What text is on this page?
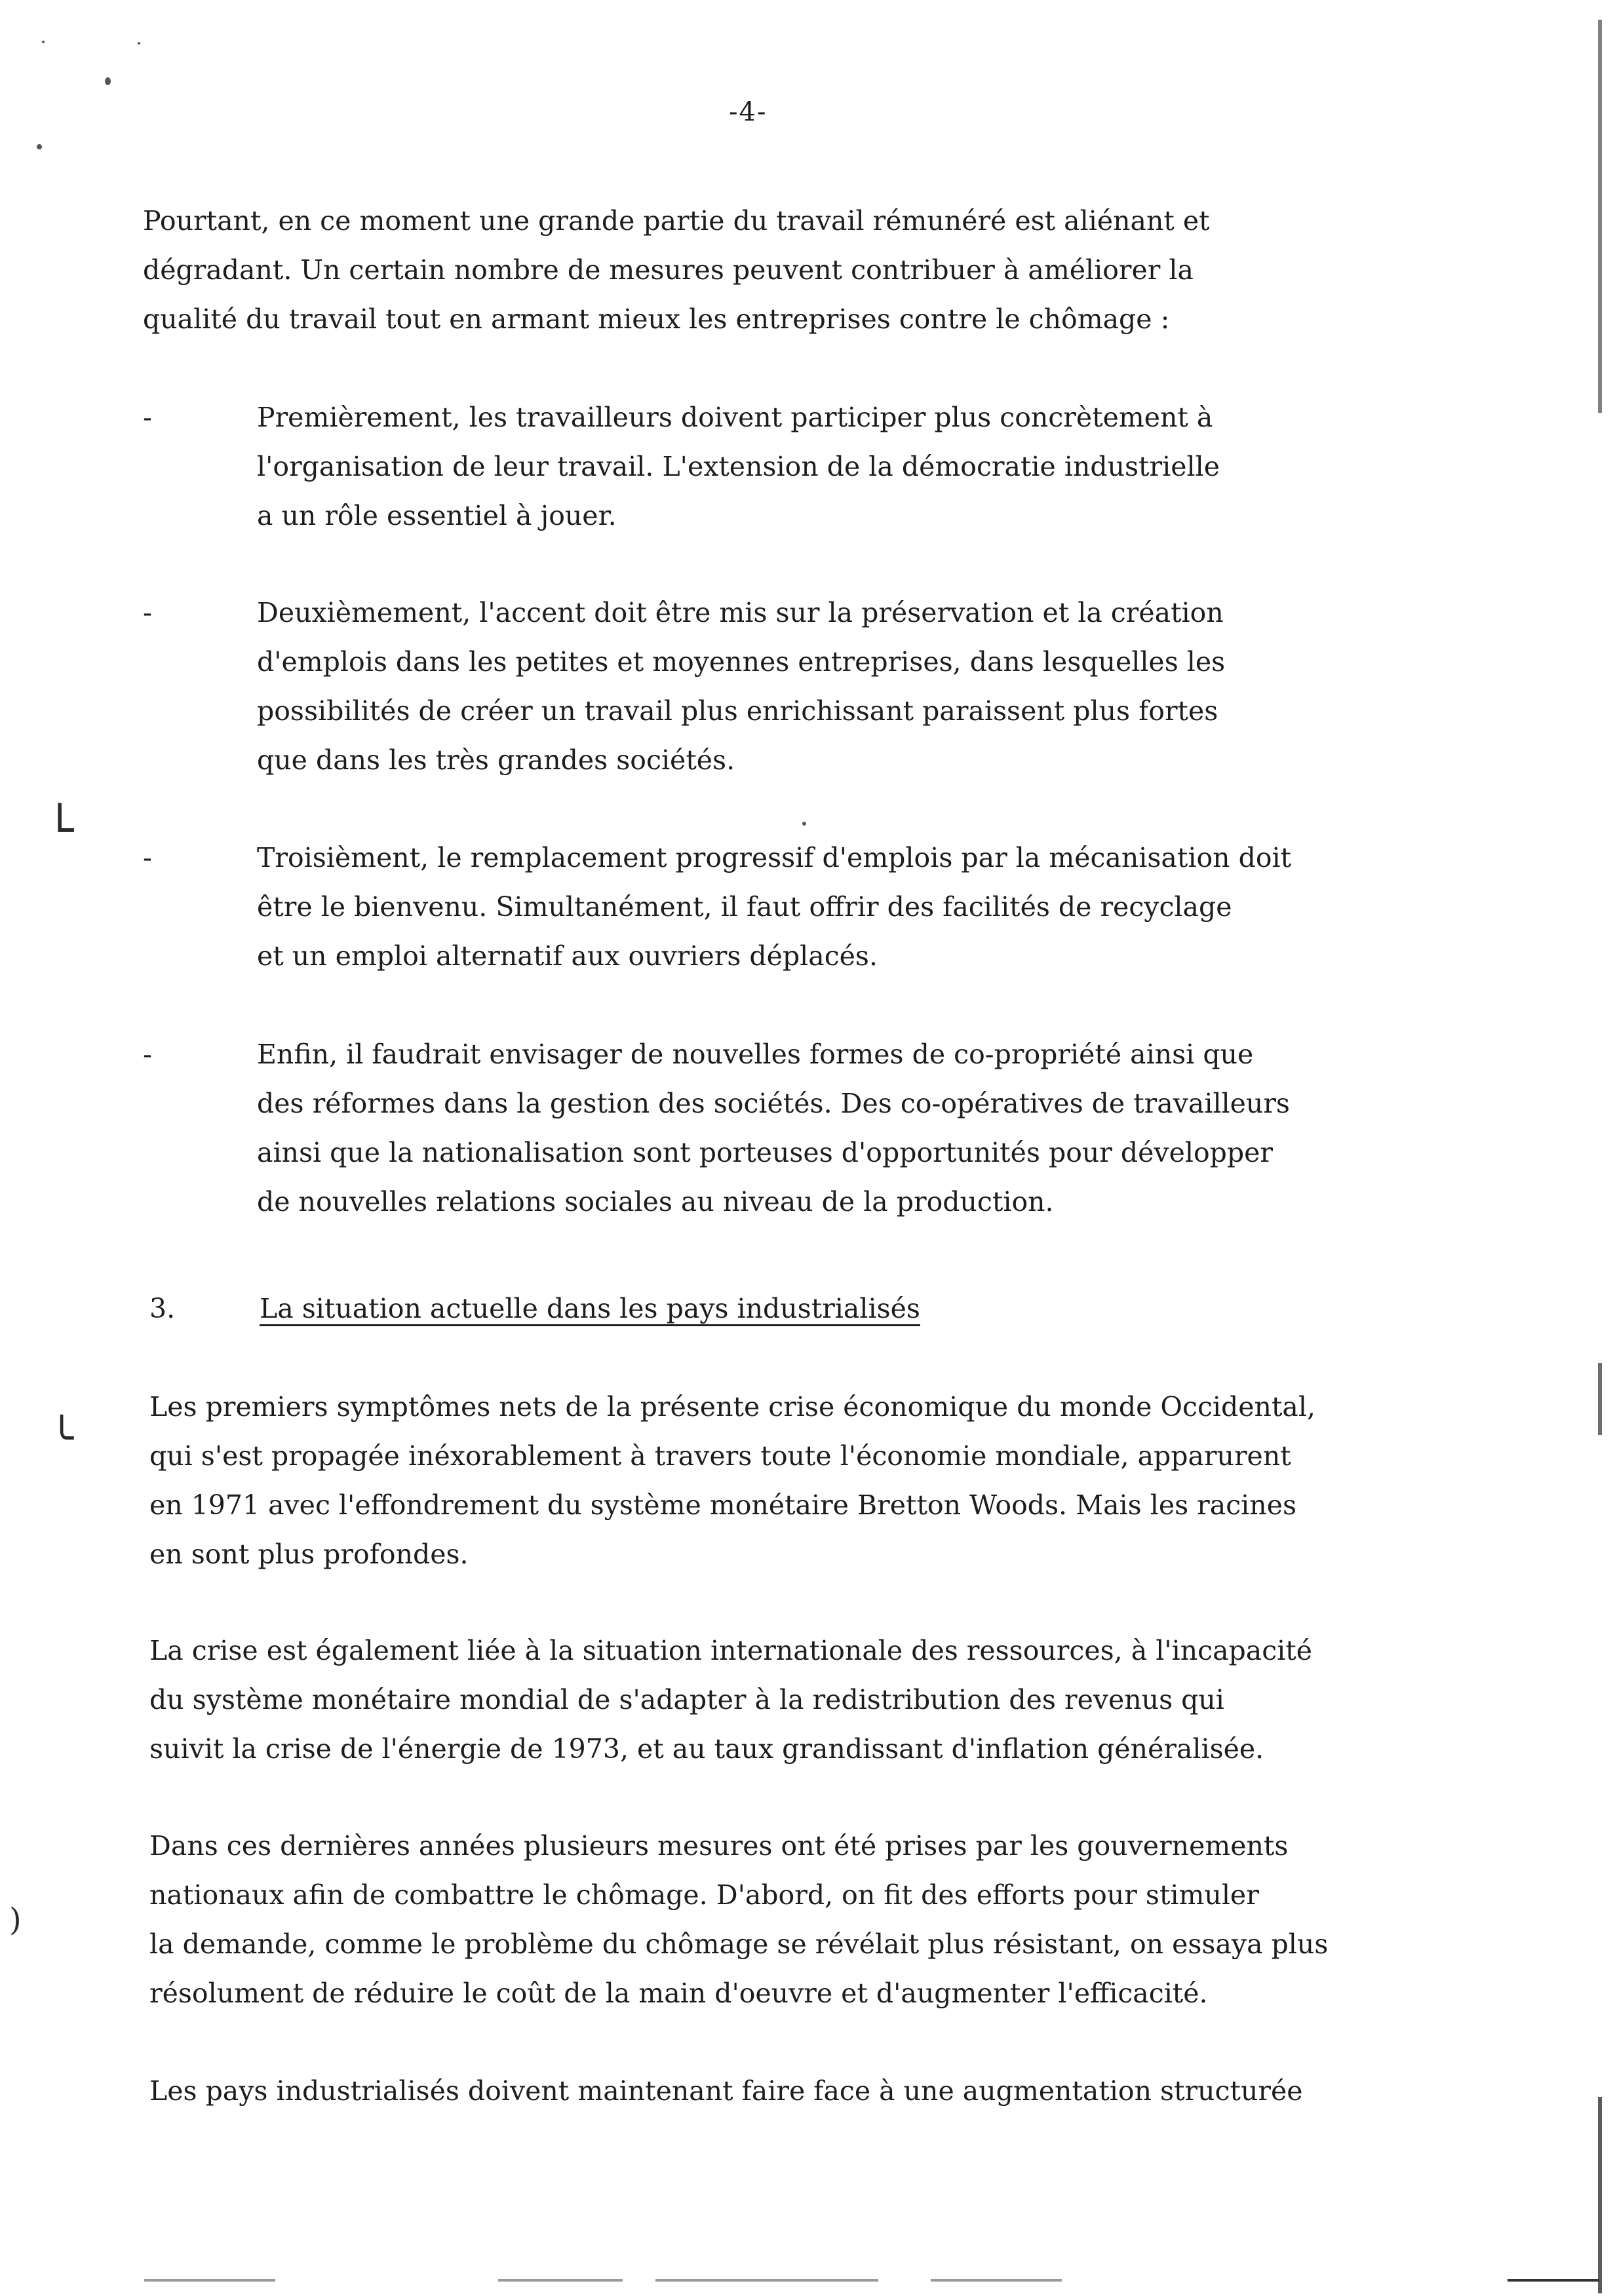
-4-
Pourtant, en ce moment une grande partie du travail rémunéré est aliénant et
dégradant. Un certain nombre de mesures peuvent contribuer à améliorer la
qualité du travail tout en armant mieux les entreprises contre le chômage :
-	Premièrement, les travailleurs doivent participer plus concrètement à
l'organisation de leur travail. L'extension de la démocratie industrielle
a un rôle essentiel à jouer.
-	Deuxièmement, l'accent doit être mis sur la préservation et la création
d'emplois dans les petites et moyennes entreprises, dans lesquelles les
possibilités de créer un travail plus enrichissant paraissent plus fortes
que dans les très grandes sociétés.
-	Troisièment, le remplacement progressif d'emplois par la mécanisation doit
être le bienvenu. Simultanément, il faut offrir des facilités de recyclage
et un emploi alternatif aux ouvriers déplacés.
-	Enfin, il faudrait envisager de nouvelles formes de co-propriété ainsi que
des réformes dans la gestion des sociétés. Des co-opératives de travailleurs
ainsi que la nationalisation sont porteuses d'opportunités pour développer
de nouvelles relations sociales au niveau de la production.
3.	La situation actuelle dans les pays industrialisés
Les premiers symptômes nets de la présente crise économique du monde Occidental,
qui s'est propagée inéxorablement à travers toute l'économie mondiale, apparurent
en 1971 avec l'effondrement du système monétaire Bretton Woods. Mais les racines
en sont plus profondes.
La crise est également liée à la situation internationale des ressources, à l'incapacité
du système monétaire mondial de s'adapter à la redistribution des revenus qui
suivit la crise de l'énergie de 1973, et au taux grandissant d'inflation généralisée.
Dans ces dernières années plusieurs mesures ont été prises par les gouvernements
nationaux afin de combattre le chômage. D'abord, on fit des efforts pour stimuler
la demande, comme le problème du chômage se révélait plus résistant, on essaya plus
résolument de réduire le coût de la main d'oeuvre et d'augmenter l'efficacité.
Les pays industrialisés doivent maintenant faire face à une augmentation structurée
└
╰
)
